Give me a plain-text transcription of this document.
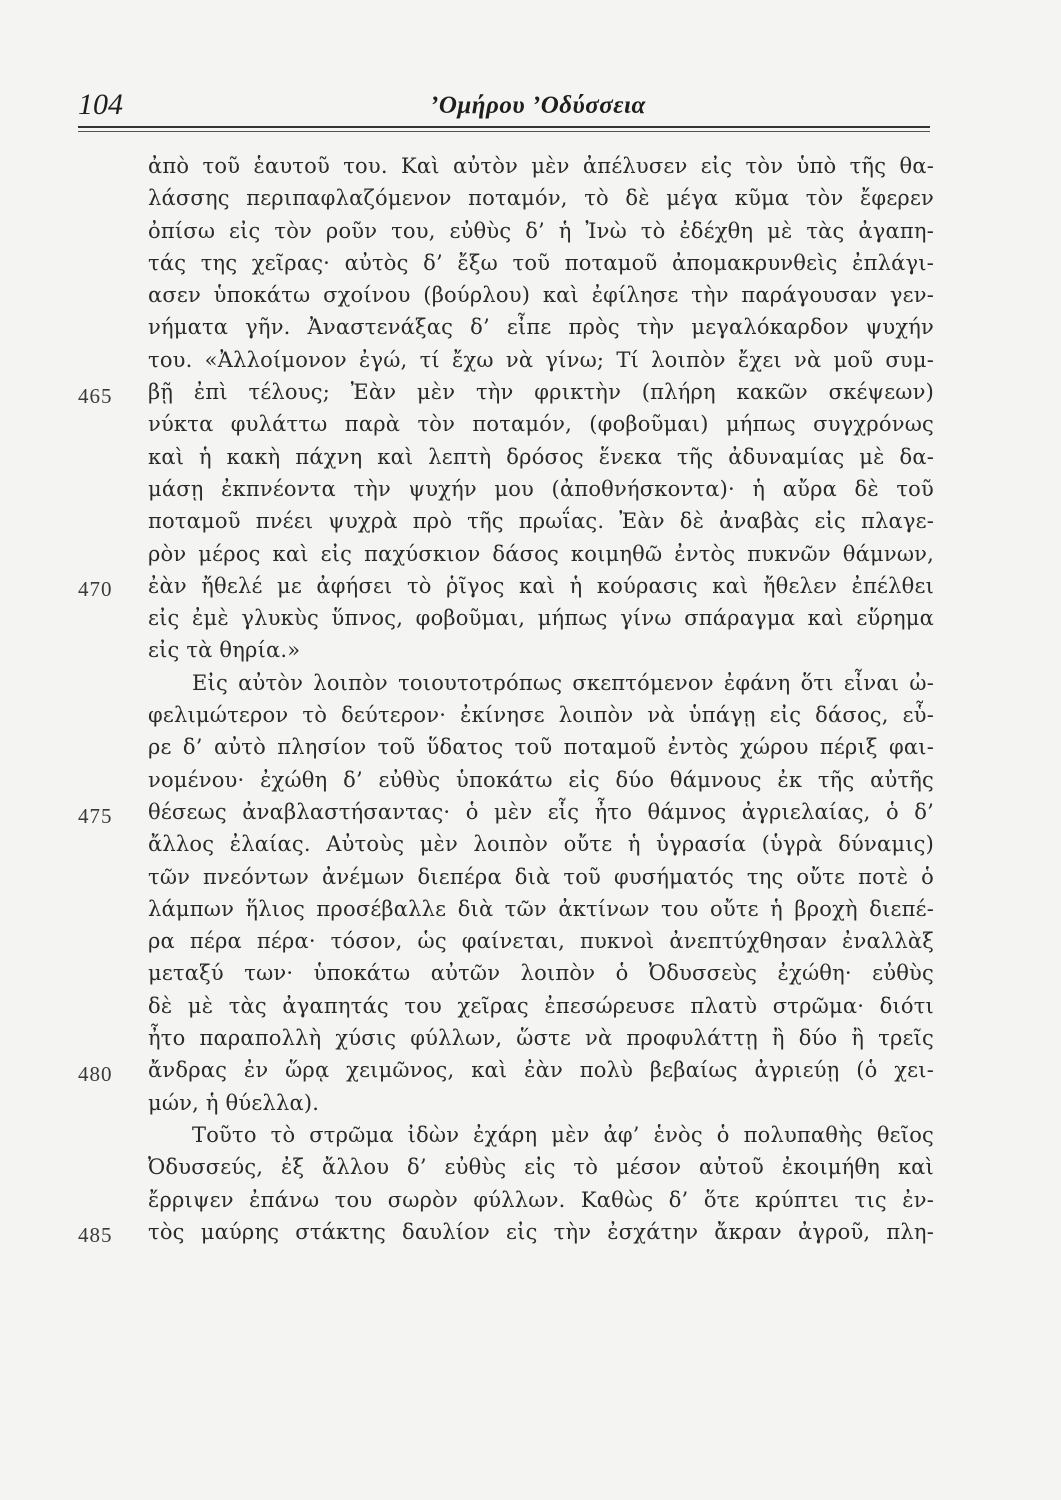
104	’Ομήρου ’Οδύσσεια
465
470
475
480
485
ἀπὸ τοῦ ἑαυτοῦ του. Καὶ αὐτὸν μὲν ἀπέλυσεν εἰς τὸν ὑπὸ τῆς θα-
λάσσης περιπαφλαζόμενον ποταμόν, τὸ δὲ μέγα κῦμα τὸν ἔφερεν
ὀπίσω εἰς τὸν ροῦν του, εὐθὺς δ’ ἡ Ἰνὼ τὸ ἐδέχθη μὲ τὰς ἀγαπη-
τάς της χεῖρας· αὐτὸς δ’ ἔξω τοῦ ποταμοῦ ἀπομακρυνθεὶς ἐπλάγι-
ασεν ὑποκάτω σχοίνου (βούρλου) καὶ ἐφίλησε τὴν παράγουσαν γεν-
νήματα γῆν. Ἀναστενάξας δ’ εἶπε πρὸς τὴν μεγαλόκαρδον ψυχήν
του. «Ἀλλοίμονον ἐγώ, τί ἔχω νὰ γίνω; Τί λοιπὸν ἔχει νὰ μοῦ συμ-
βῇ ἐπὶ τέλους; Ἐὰν μὲν τὴν φρικτὴν (πλήρη κακῶν σκέψεων)
νύκτα φυλάττω παρὰ τὸν ποταμόν, (φοβοῦμαι) μήπως συγχρόνως
καὶ ἡ κακὴ πάχνη καὶ λεπτὴ δρόσος ἕνεκα τῆς ἀδυναμίας μὲ δα-
μάσῃ ἐκπνέοντα τὴν ψυχήν μου (ἀποθνήσκοντα)· ἡ αὔρα δὲ τοῦ
ποταμοῦ πνέει ψυχρὰ πρὸ τῆς πρωΐας. Ἐὰν δὲ ἀναβὰς εἰς πλαγε-
ρὸν μέρος καὶ εἰς παχύσκιον δάσος κοιμηθῶ ἐντὸς πυκνῶν θάμνων,
ἐὰν ἤθελέ με ἀφήσει τὸ ῥῖγος καὶ ἡ κούρασις καὶ ἤθελεν ἐπέλθει
εἰς ἐμὲ γλυκὺς ὕπνος, φοβοῦμαι, μήπως γίνω σπάραγμα καὶ εὕρημα
εἰς τὰ θηρία.»
Εἰς αὐτὸν λοιπὸν τοιουτοτρόπως σκεπτόμενον ἐφάνη ὅτι εἶναι ὠ-
φελιμώτερον τὸ δεύτερον· ἐκίνησε λοιπὸν νὰ ὑπάγῃ εἰς δάσος, εὗ-
ρε δ’ αὐτὸ πλησίον τοῦ ὕδατος τοῦ ποταμοῦ ἐντὸς χώρου πέριξ φαι-
νομένου· ἐχώθη δ’ εὐθὺς ὑποκάτω εἰς δύο θάμνους ἐκ τῆς αὐτῆς
θέσεως ἀναβλαστήσαντας· ὁ μὲν εἷς ἦτο θάμνος ἀγριελαίας, ὁ δ’
ἄλλος ἐλαίας. Αὐτοὺς μὲν λοιπὸν οὔτε ἡ ὑγρασία (ὑγρὰ δύναμις)
τῶν πνεόντων ἀνέμων διεπέρα διὰ τοῦ φυσήματός της οὔτε ποτὲ ὁ
λάμπων ἥλιος προσέβαλλε διὰ τῶν ἀκτίνων του οὔτε ἡ βροχὴ διεπέ-
ρα πέρα πέρα· τόσον, ὡς φαίνεται, πυκνοὶ ἀνεπτύχθησαν ἐναλλὰξ
μεταξύ των· ὑποκάτω αὐτῶν λοιπὸν ὁ Ὀδυσσεὺς ἐχώθη· εὐθὺς
δὲ μὲ τὰς ἀγαπητάς του χεῖρας ἐπεσώρευσε πλατὺ στρῶμα· διότι
ἦτο παραπολλὴ χύσις φύλλων, ὥστε νὰ προφυλάττῃ ἢ δύο ἢ τρεῖς
ἄνδρας ἐν ὥρᾳ χειμῶνος, καὶ ἐὰν πολὺ βεβαίως ἀγριεύῃ (ὁ χει-
μών, ἡ θύελλα).
Τοῦτο τὸ στρῶμα ἰδὼν ἐχάρη μὲν ἀφ’ ἑνὸς ὁ πολυπαθὴς θεῖος
Ὀδυσσεύς, ἐξ ἄλλου δ’ εὐθὺς εἰς τὸ μέσον αὐτοῦ ἐκοιμήθη καὶ
ἔρριψεν ἐπάνω του σωρὸν φύλλων. Καθὼς δ’ ὅτε κρύπτει τις ἐν-
τὸς μαύρης στάκτης δαυλίον εἰς τὴν ἐσχάτην ἄκραν ἀγροῦ, πλη-
